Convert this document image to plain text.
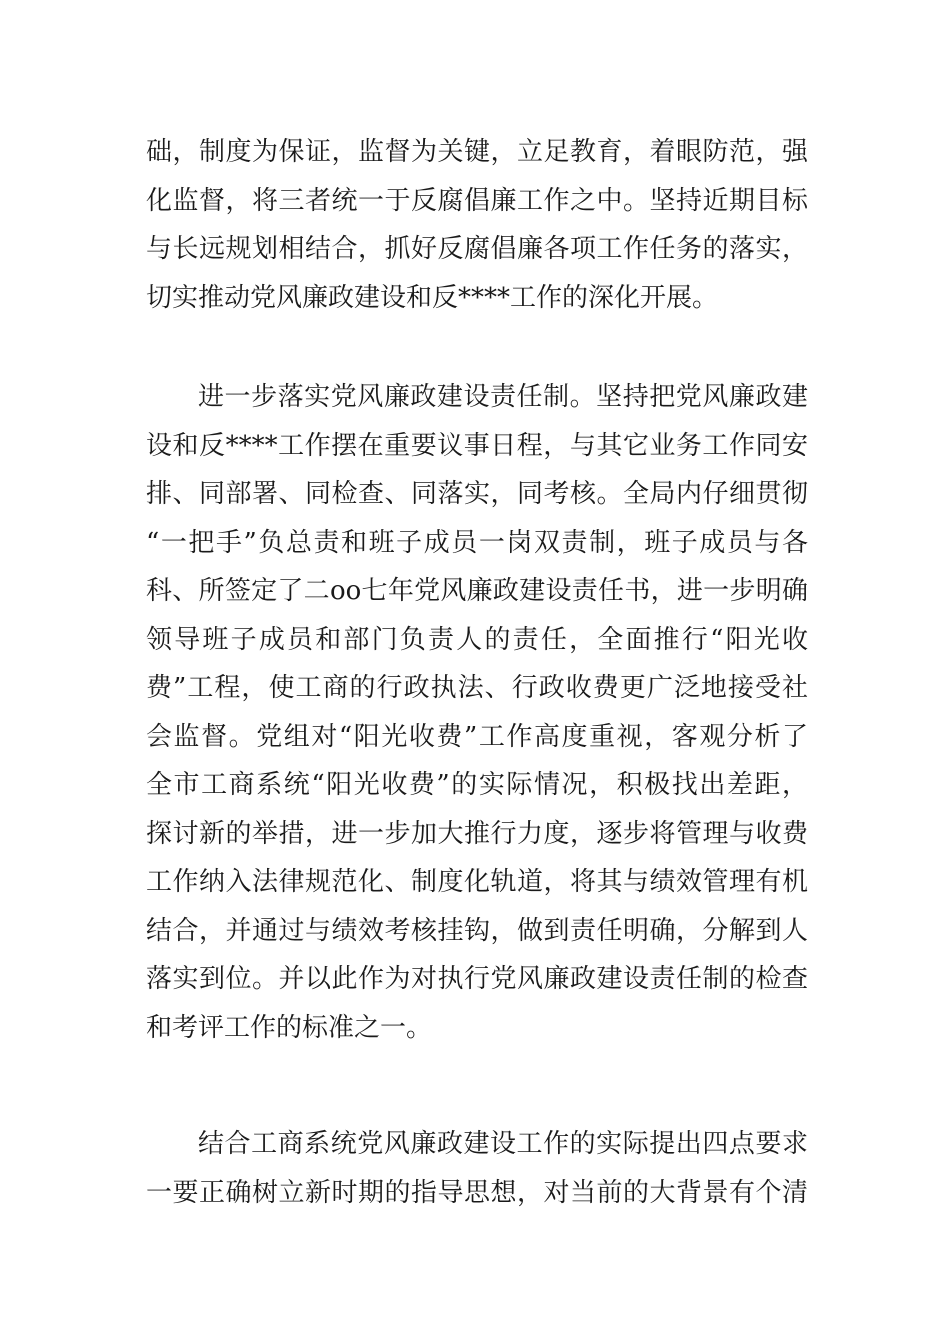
础，制度为保证，监督为关键，立足教育，着眼防范，强
化监督，将三者统一于反腐倡廉工作之中。坚持近期目标
与长远规划相结合，抓好反腐倡廉各项工作任务的落实，
切实推动党风廉政建设和反****工作的深化开展。
进一步落实党风廉政建设责任制。坚持把党风廉政建
设和反****工作摆在重要议事日程，与其它业务工作同安
排、同部署、同检查、同落实，同考核。全局内仔细贯彻
“一把手”负总责和班子成员一岗双责制，班子成员与各
科、所签定了二oo七年党风廉政建设责任书，进一步明确
领导班子成员和部门负责人的责任，全面推行“阳光收
费”工程，使工商的行政执法、行政收费更广泛地接受社
会监督。党组对“阳光收费”工作高度重视，客观分析了
全市工商系统“阳光收费”的实际情况，积极找出差距，
探讨新的举措，进一步加大推行力度，逐步将管理与收费
工作纳入法律规范化、制度化轨道，将其与绩效管理有机
结合，并通过与绩效考核挂钩，做到责任明确，分解到人
落实到位。并以此作为对执行党风廉政建设责任制的检查
和考评工作的标准之一。
结合工商系统党风廉政建设工作的实际提出四点要求
一要正确树立新时期的指导思想，对当前的大背景有个清
